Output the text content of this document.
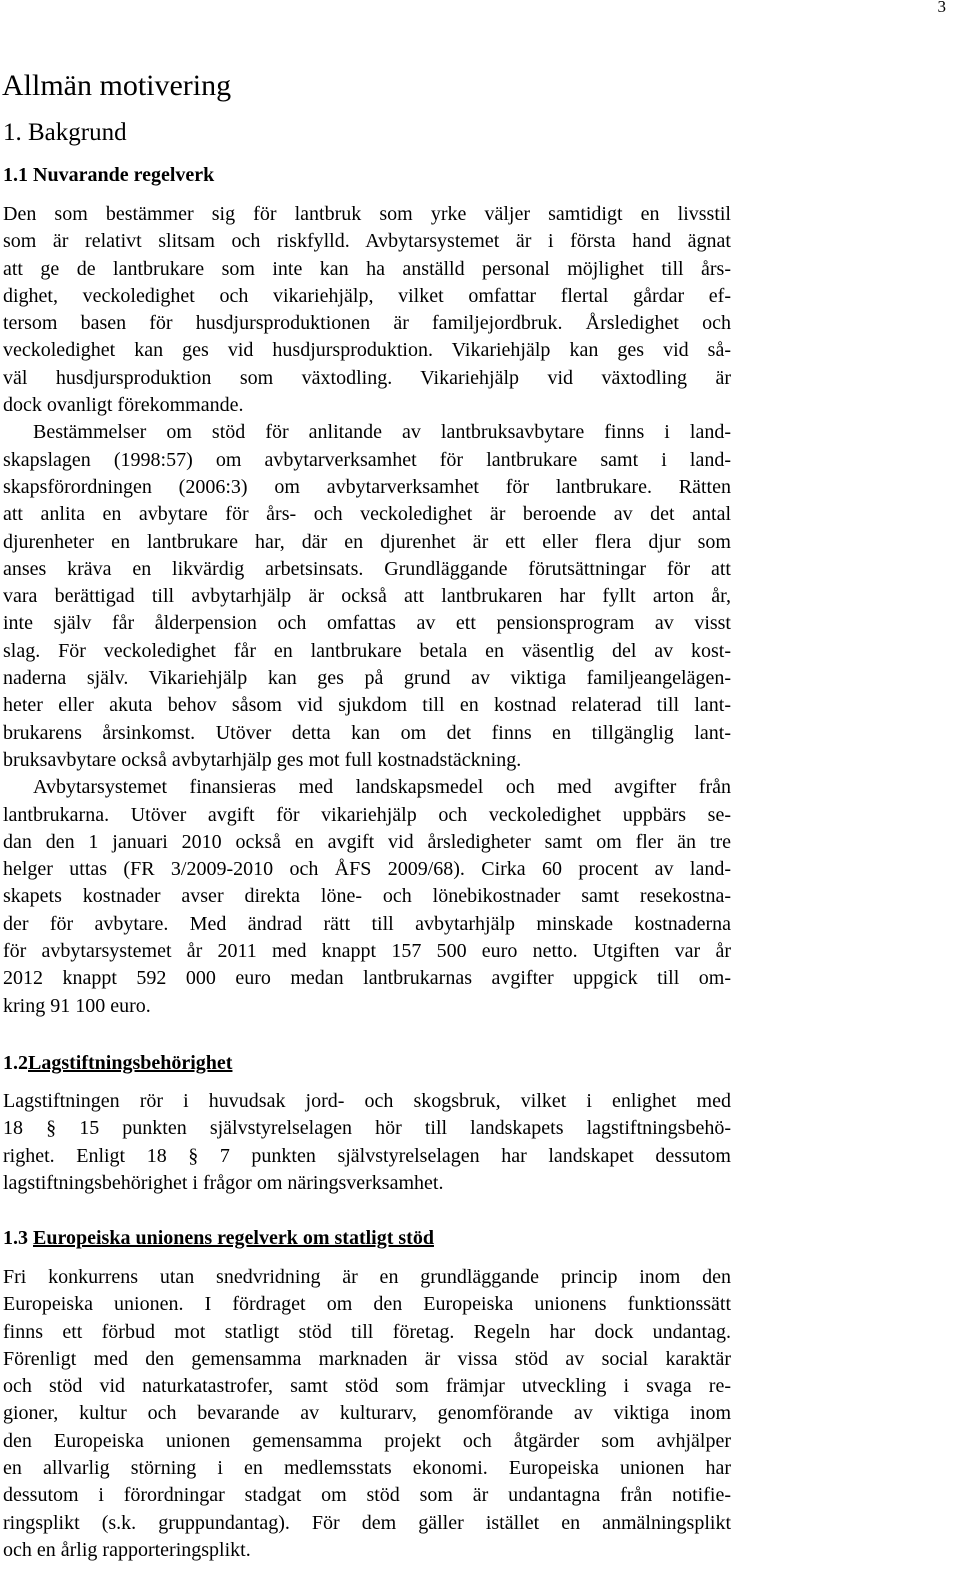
3
Allmän motivering
1. Bakgrund
1.1 Nuvarande regelverk
Den som bestämmer sig för lantbruk som yrke väljer samtidigt en livsstil
som är relativt slitsam och riskfylld. Avbytarsystemet är i första hand ägnat
att ge de lantbrukare som inte kan ha anställd personal möjlighet till års-
dighet, veckoledighet och vikariehjälp, vilket omfattar flertal gårdar ef-
tersom basen för husdjursproduktionen är familjejordbruk. Årsledighet och
veckoledighet kan ges vid husdjursproduktion. Vikariehjälp kan ges vid så-
väl husdjursproduktion som växtodling. Vikariehjälp vid växtodling är
dock ovanligt förekommande.
Bestämmelser om stöd för anlitande av lantbruksavbytare finns i land-
skapslagen (1998:57) om avbytarverksamhet för lantbrukare samt i land-
skapsförordningen (2006:3) om avbytarverksamhet för lantbrukare. Rätten
att anlita en avbytare för års- och veckoledighet är beroende av det antal
djurenheter en lantbrukare har, där en djurenhet är ett eller flera djur som
anses kräva en likvärdig arbetsinsats. Grundläggande förutsättningar för att
vara berättigad till avbytarhjälp är också att lantbrukaren har fyllt arton år,
inte själv får ålderpension och omfattas av ett pensionsprogram av visst
slag. För veckoledighet får en lantbrukare betala en väsentlig del av kost-
naderna själv. Vikariehjälp kan ges på grund av viktiga familjeangelägen-
heter eller akuta behov såsom vid sjukdom till en kostnad relaterad till lant-
brukarens årsinkomst. Utöver detta kan om det finns en tillgänglig lant-
bruksavbytare också avbytarhjälp ges mot full kostnadstäckning.
Avbytarsystemet finansieras med landskapsmedel och med avgifter från
lantbrukarna. Utöver avgift för vikariehjälp och veckoledighet uppbärs se-
dan den 1 januari 2010 också en avgift vid årsledigheter samt om fler än tre
helger uttas (FR 3/2009-2010 och ÅFS 2009/68). Cirka 60 procent av land-
skapets kostnader avser direkta löne- och lönebikostnader samt resekostna-
der för avbytare. Med ändrad rätt till avbytarhjälp minskade kostnaderna
för avbytarsystemet år 2011 med knappt 157 500 euro netto. Utgiften var år
2012 knappt 592 000 euro medan lantbrukarnas avgifter uppgick till om-
kring 91 100 euro.
1.2Lagstiftningsbehörighet
Lagstiftningen rör i huvudsak jord- och skogsbruk, vilket i enlighet med
18 § 15 punkten självstyrelselagen hör till landskapets lagstiftningsbehö-
righet. Enligt 18 § 7 punkten självstyrelselagen har landskapet dessutom
lagstiftningsbehörighet i frågor om näringsverksamhet.
1.3 Europeiska unionens regelverk om statligt stöd
Fri konkurrens utan snedvridning är en grundläggande princip inom den
Europeiska unionen. I fördraget om den Europeiska unionens funktionssätt
finns ett förbud mot statligt stöd till företag. Regeln har dock undantag.
Förenligt med den gemensamma marknaden är vissa stöd av social karaktär
och stöd vid naturkatastrofer, samt stöd som främjar utveckling i svaga re-
gioner, kultur och bevarande av kulturarv, genomförande av viktiga inom
den Europeiska unionen gemensamma projekt och åtgärder som avhjälper
en allvarlig störning i en medlemsstats ekonomi. Europeiska unionen har
dessutom i förordningar stadgat om stöd som är undantagna från notifie-
ringsplikt (s.k. gruppundantag). För dem gäller istället en anmälningsplikt
och en årlig rapporteringsplikt.
